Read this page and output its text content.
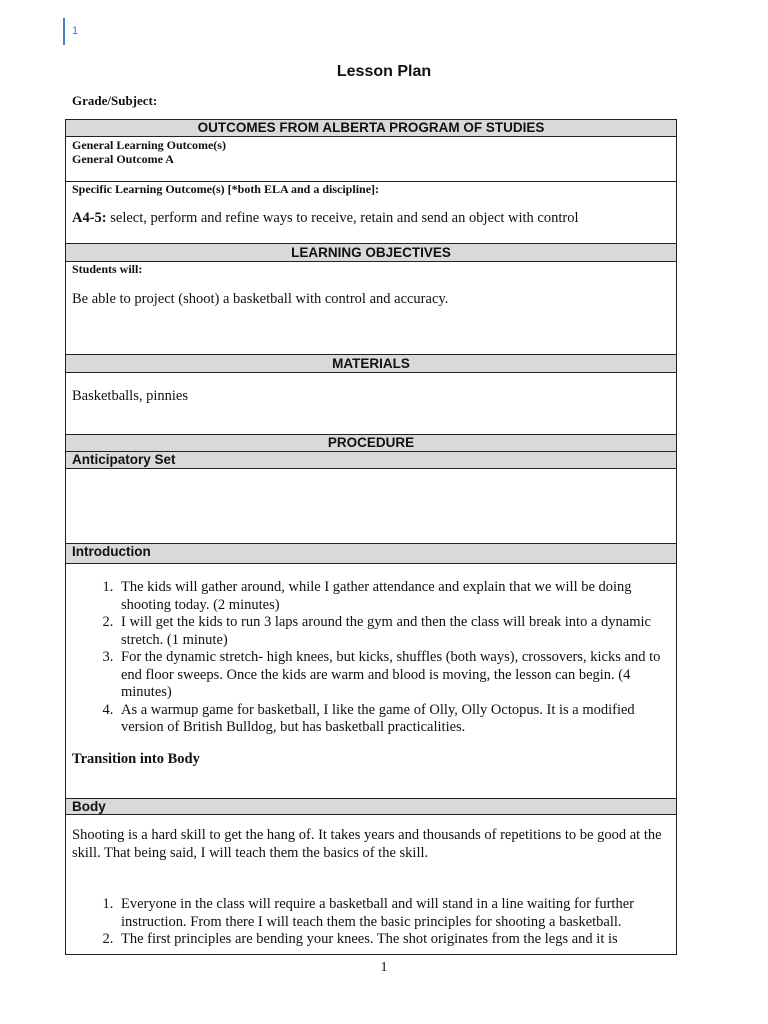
1
Lesson Plan
Grade/Subject:
OUTCOMES FROM ALBERTA PROGRAM OF STUDIES
General Learning Outcome(s)
General Outcome A
Specific Learning Outcome(s) [*both ELA and a discipline]:
A4-5: select, perform and refine ways to receive, retain and send an object with control
LEARNING OBJECTIVES
Students will:
Be able to project (shoot) a basketball with control and accuracy.
MATERIALS
Basketballs, pinnies
PROCEDURE
Anticipatory Set
Introduction
1. The kids will gather around, while I gather attendance and explain that we will be doing shooting today. (2 minutes)
2. I will get the kids to run 3 laps around the gym and then the class will break into a dynamic stretch. (1 minute)
3. For the dynamic stretch- high knees, but kicks, shuffles (both ways), crossovers, kicks and to end floor sweeps. Once the kids are warm and blood is moving, the lesson can begin. (4 minutes)
4. As a warmup game for basketball, I like the game of Olly, Olly Octopus. It is a modified version of British Bulldog, but has basketball practicalities.
Transition into Body
Body
Shooting is a hard skill to get the hang of. It takes years and thousands of repetitions to be good at the skill. That being said, I will teach them the basics of the skill.
1. Everyone in the class will require a basketball and will stand in a line waiting for further instruction. From there I will teach them the basic principles for shooting a basketball.
2. The first principles are bending your knees. The shot originates from the legs and it is
1
